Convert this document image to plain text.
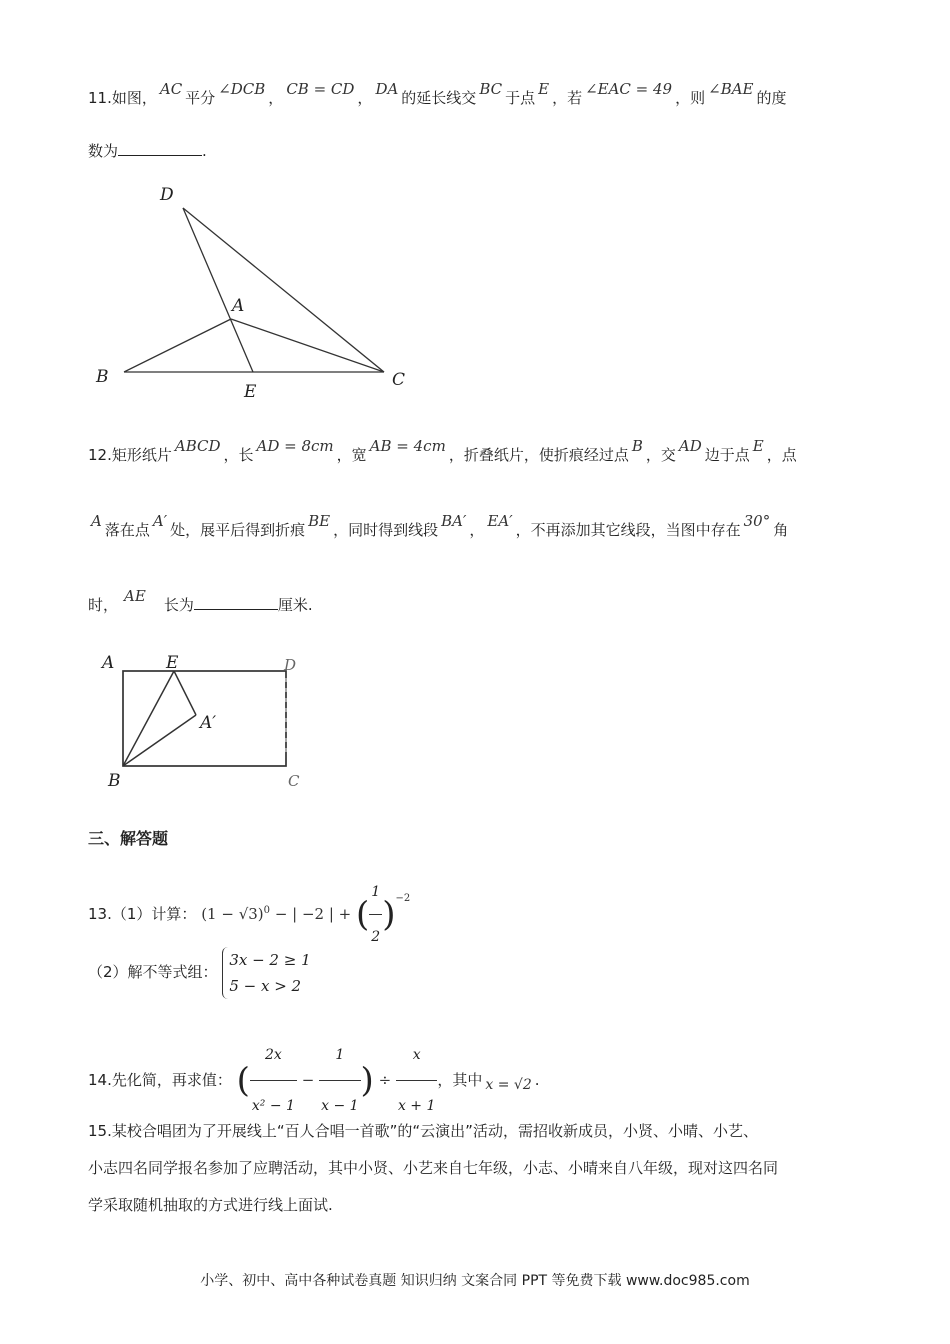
11.如图， AC 平分 ∠DCB ， CB = CD ， DA 的延长线交 BC 于点 E ，若 ∠EAC = 49 ，则 ∠BAE 的度
数为	.
D
A
B
E
C
12.矩形纸片 ABCD ，长 AD = 8cm ，宽 AB = 4cm ，折叠纸片，使折痕经过点 B ，交 AD 边于点 E ，点
A 落在点 A′ 处，展平后得到折痕 BE ，同时得到线段 BA′ ， EA′ ，不再添加其它线段，当图中存在 30° 角
时， AE 长为	厘米.
A	E	D
A′
B	C
三、解答题
13.（1）计算： $(1 - √3)^0$ − | −2 | + ( $\frac{1}{2} )^{-2}$
（2）解不等式组：
3x − 2 ≥ 1
5 − x > 2
14.先化简，再求值： ( $\frac{2x}{\text{x² − 1}} - \frac{1}{x - 1}$ ) ÷ $\frac{x}{x + 1}$ ，其中 x = √2 .
15.某校合唱团为了开展线上“百人合唱一首歌”的“云演出”活动，需招收新成员，小贤、小晴、小艺、
小志四名同学报名参加了应聘活动，其中小贤、小艺来自七年级，小志、小晴来自八年级，现对这四名同
学采取随机抽取的方式进行线上面试.
小学、初中、高中各种试卷真题 知识归纳 文案合同 PPT 等免费下载 www.doc985.com
